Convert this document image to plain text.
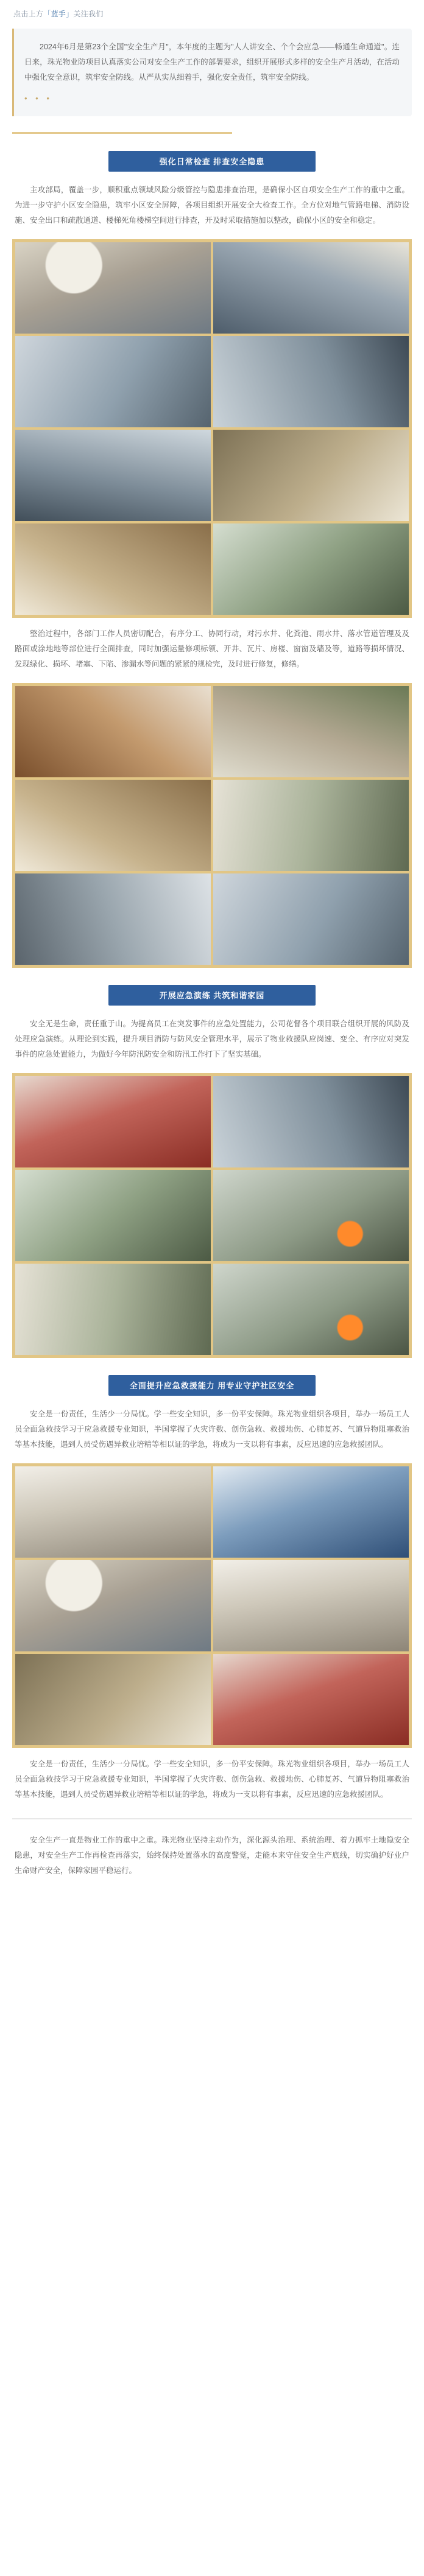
点击上方「蓝手」关注我们

2024年6月是第23个全国"安全生产月"，本年度的主题为"人人讲安全、个个会应急——畅通生命通道"。连日来，珠光物业防项目认真落实公司对安全生产工作的部署要求，组织开展形式多样的安全生产月活动，在活动中强化安全意识，筑牢安全防线。从严从实从细着手，强化安全责任，筑牢安全防线。

• • •
强化日常检查 排查安全隐患

主攻部局，覆盖一步，顺积重点领域风险分级管控与隐患排查治理，是确保小区自项安全生产工作的重中之重。为进一步守护小区安全隐患，筑牢小区安全屏障，各项目组织开展安全大检查工作。全方位对地气管路电梯、消防设施、安全出口和疏散通道、楼梯死角楼梯空间进行排查，开及时采取措施加以整改，确保小区的安全和稳定。

整治过程中，各部门工作人员密切配合，有序分工、协同行动，对污水井、化粪池、雨水井、落水管道管理及及路面或涂地地等部位进行全面排查，同时加强运量修项标领、开井、瓦片、房楼、窗窗及墙及等，道路等损坏情况、发现绿化、损坏、堵塞、下陷、渗漏水等问题的紧紧的规检完，及时进行修复，修缮。

开展应急演练 共筑和谐家园

安全无是生命，责任重于山。为提高员工在突发事件的应急处置能力，公司花督各个项目联合组织开展的风防及处理应急演练。从理论到实践，提升项目消防与防风安全管理水平，展示了物业救援队应岗速、变全、有序应对突发事件的应急处置能力，为做好今年防汛防安全和防汛工作打下了坚实基础。

全面提升应急救援能力 用专业守护社区安全

安全是一份责任，生活少一分局忧。学一些安全知识，多一份平安保障。珠光物业组织各项目，举办一场员工人员全面急救技学习于应急救援专业知识，半国掌握了火灾许数、创伤急救、救援地伤、心肺复苏、气道异物阻塞救治等基本技能，遇到人员受伤遇异救业培精等相以证的学急，将成为一支以将有事素，反应迅速的应急救援团队。

安全是一份责任，生活少一分局忧。学一些安全知识，多一份平安保障。珠光物业组织各项目，举办一场员工人员全面急救技学习于应急救援专业知识，半国掌握了火灾许数、创伤急救、救援地伤、心肺复苏、气道异物阻塞救治等基本技能，遇到人员受伤遇异救业培精等相以证的学急，将成为一支以将有事素，反应迅速的应急救援团队。

安全生产一直是物业工作的重中之重。珠光物业坚持主动作为，深化源头治理、系统治理、着力抓牢土地隐安全隐患，对安全生产工作再检查再落实，始终保持处置落水的高度警觉，走能本来守住安全生产底线，切实确护好业户生命财产安全，保障家园平稳运行。
